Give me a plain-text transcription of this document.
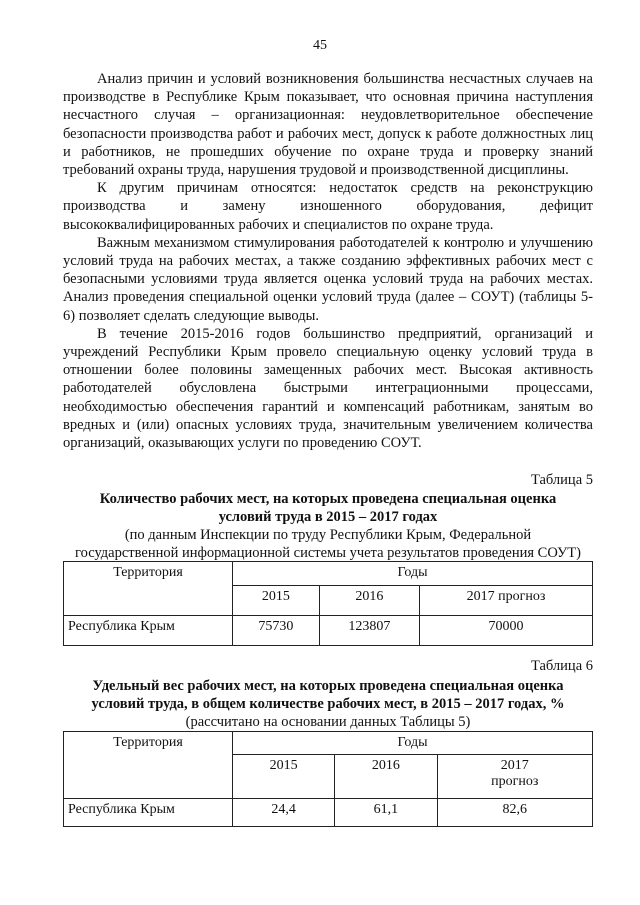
45

Анализ причин и условий возникновения большинства несчастных случаев на производстве в Республике Крым показывает, что основная причина наступления несчастного случая – организационная: неудовлетворительное обеспечение безопасности производства работ и рабочих мест, допуск к работе должностных лиц и работников, не прошедших обучение по охране труда и проверку знаний требований охраны труда, нарушения трудовой и производственной дисциплины.

К другим причинам относятся: недостаток средств на реконструкцию производства и замену изношенного оборудования, дефицит высококвалифицированных рабочих и специалистов по охране труда.

Важным механизмом стимулирования работодателей к контролю и улучшению условий труда на рабочих местах, а также созданию эффективных рабочих мест с безопасными условиями труда является оценка условий труда на рабочих местах. Анализ проведения специальной оценки условий труда (далее – СОУТ) (таблицы 5-6) позволяет сделать следующие выводы.

В течение 2015-2016 годов большинство предприятий, организаций и учреждений Республики Крым провело специальную оценку условий труда в отношении более половины замещенных рабочих мест. Высокая активность работодателей обусловлена быстрыми интеграционными процессами, необходимостью обеспечения гарантий и компенсаций работникам, занятым во вредных и (или) опасных условиях труда, значительным увеличением количества организаций, оказывающих услуги по проведению СОУТ.

Таблица 5
Количество рабочих мест, на которых проведена специальная оценка
условий труда в 2015 – 2017 годах
(по данным Инспекции по труду Республики Крым, Федеральной
государственной информационной системы учета результатов проведения СОУТ)
Территория	Годы		
	2015	2016	2017 прогноз
Республика Крым	75730	123807	70000
Таблица 6
Удельный вес рабочих мест, на которых проведена специальная оценка
условий труда, в общем количестве рабочих мест, в 2015 – 2017 годах, %
(рассчитано на основании данных Таблицы 5)
Территория	Годы		
	2015	2016	2017
прогноз

Республика Крым	24,4	61,1	82,6
